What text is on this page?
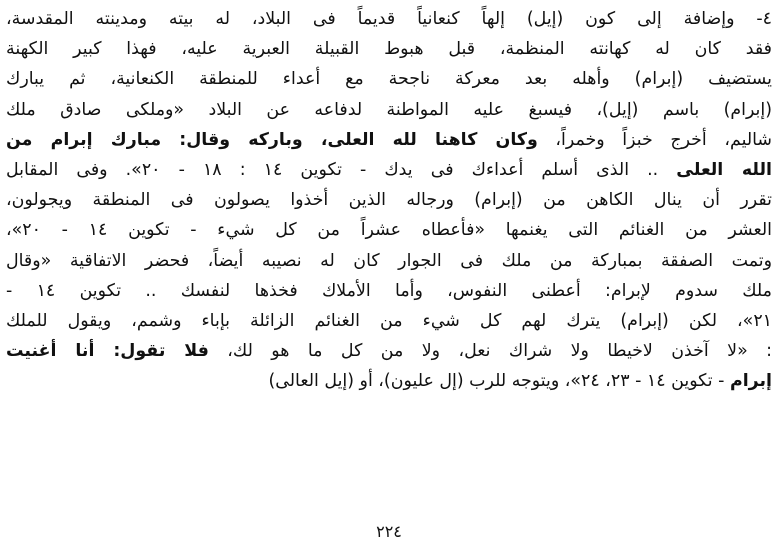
٤- وإضافة إلى كون (إيل) إلهاً كنعانياً قديماً فى البلاد، له بيته ومدينته المقدسة،
فقد كان له كهانته المنظمة، قبل هبوط القبيلة العبرية عليه، فهذا كبير الكهنة
يستضيف (إبرام) وأهله بعد معركة ناجحة مع أعداء للمنطقة الكنعانية، ثم يبارك
(إبرام) باسم (إيل)، فيسبغ عليه المواطنة لدفاعه عن البلاد «وملكى صادق ملك
شاليم، أخرج خبزاً وخمراً، وكان كاهنا لله العلى، وباركه وقال: مبارك إبرام من
الله العلى .. الذى أسلم أعداءك فى يدك - تكوين ١٤ : ١٨ - ٢٠». وفى المقابل
تقرر أن ينال الكاهن من (إبرام) ورجاله الذين أخذوا يصولون فى المنطقة ويجولون،
العشر من الغنائم التى يغنمها «فأعطاه عشراً من كل شيء - تكوين ١٤ - ٢٠»،
وتمت الصفقة بمباركة من ملك فى الجوار كان له نصيبه أيضاً، فحضر الاتفاقية «وقال
ملك سدوم لإبرام: أعطنى النفوس، وأما الأملاك فخذها لنفسك .. تكوين ١٤ -
٢١»، لكن (إبرام) يترك لهم كل شيء من الغنائم الزائلة بإباء وشمم، ويقول للملك
: «لا آخذن لاخيطا ولا شراك نعل، ولا من كل ما هو لك، فلا تقول: أنا أغنيت
إبرام - تكوين ١٤ - ٢٣، ٢٤»، ويتوجه للرب (إل عليون)، أو (إيل العالى)
٢٢٤
